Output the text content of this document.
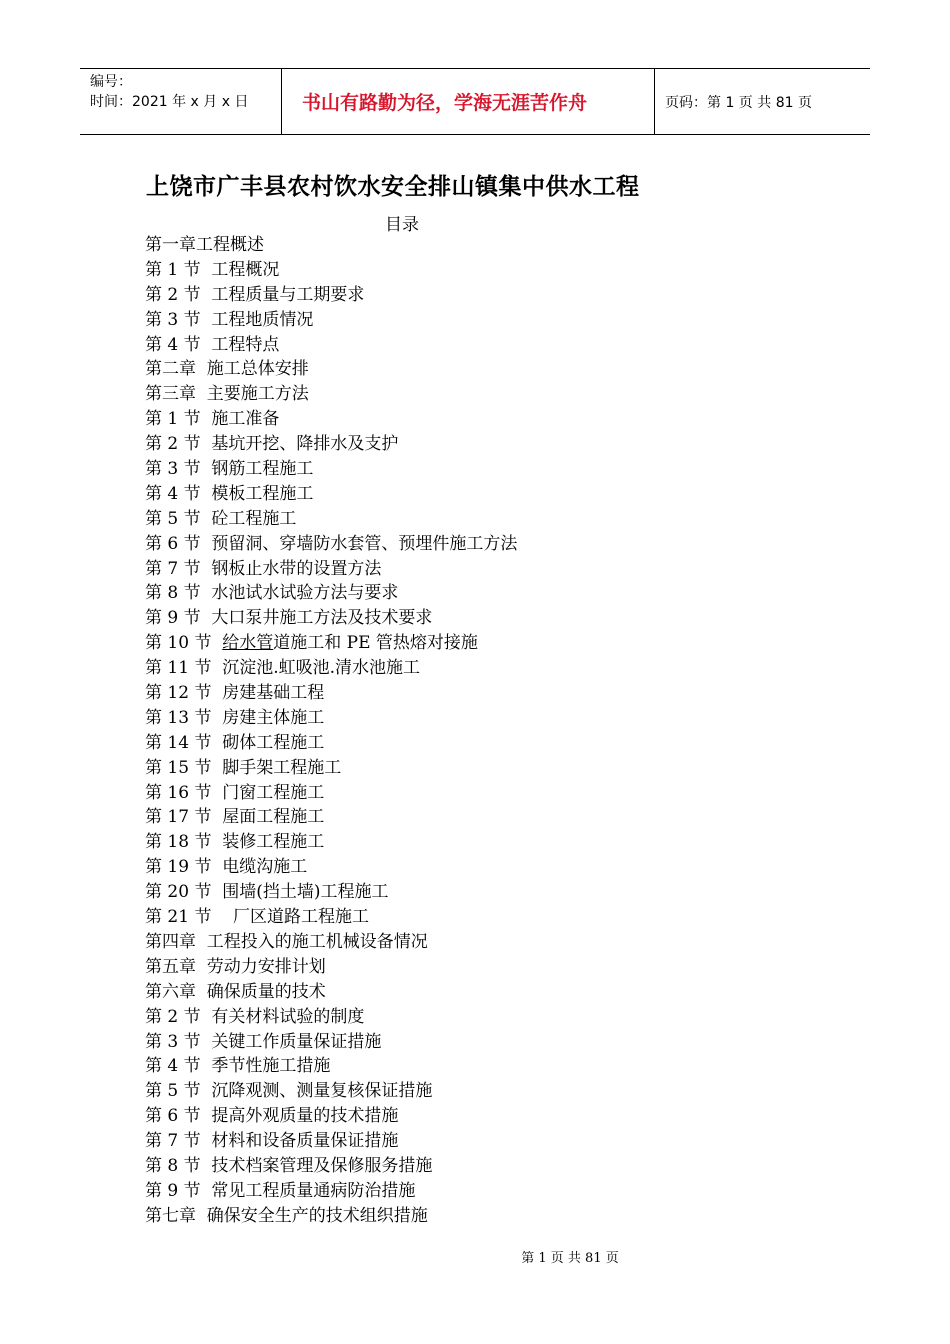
编号：
时间：2021 年 x 月 x 日	书山有路勤为径，学海无涯苦作舟	页码：第 1 页 共 81 页
上饶市广丰县农村饮水安全排山镇集中供水工程
目录
第一章工程概述
第 1 节  工程概况
第 2 节  工程质量与工期要求
第 3 节  工程地质情况
第 4 节  工程特点
第二章  施工总体安排
第三章  主要施工方法
第 1 节  施工准备
第 2 节  基坑开挖、降排水及支护
第 3 节  钢筋工程施工
第 4 节  模板工程施工
第 5 节  砼工程施工
第 6 节  预留洞、穿墙防水套管、预埋件施工方法
第 7 节  钢板止水带的设置方法
第 8 节  水池试水试验方法与要求
第 9 节  大口泵井施工方法及技术要求
第 10 节  给水管道施工和 PE 管热熔对接施
第 11 节  沉淀池.虹吸池.清水池施工
第 12 节  房建基础工程
第 13 节  房建主体施工
第 14 节  砌体工程施工
第 15 节  脚手架工程施工
第 16 节  门窗工程施工
第 17 节  屋面工程施工
第 18 节  装修工程施工
第 19 节  电缆沟施工
第 20 节  围墙(挡土墙)工程施工
第 21 节    厂区道路工程施工
第四章  工程投入的施工机械设备情况
第五章  劳动力安排计划
第六章  确保质量的技术
第 2 节  有关材料试验的制度
第 3 节  关键工作质量保证措施
第 4 节  季节性施工措施
第 5 节  沉降观测、测量复核保证措施
第 6 节  提高外观质量的技术措施
第 7 节  材料和设备质量保证措施
第 8 节  技术档案管理及保修服务措施
第 9 节  常见工程质量通病防治措施
第七章  确保安全生产的技术组织措施
第 1 页 共 81 页
